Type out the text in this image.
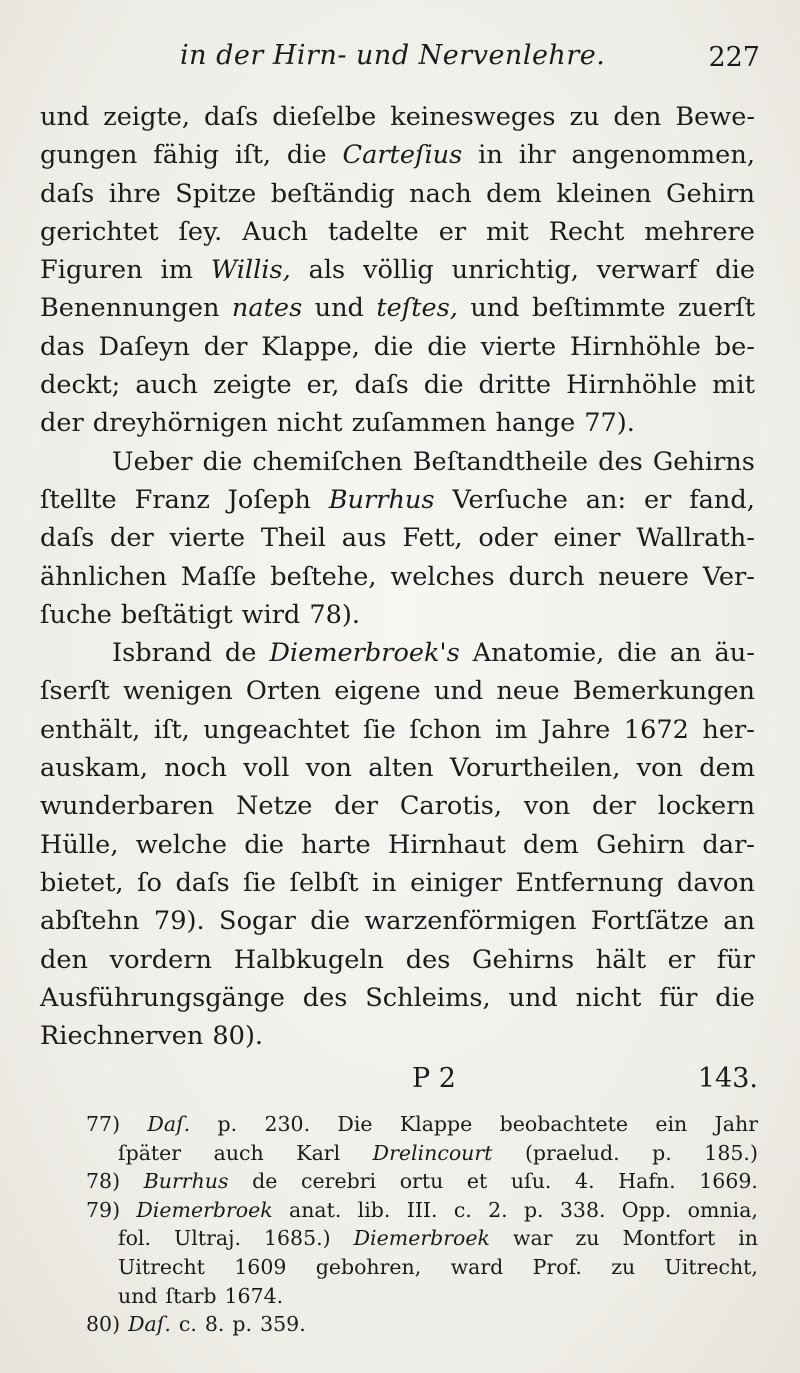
in der Hirn- und Nervenlehre.	227
und zeigte, daſs dieſelbe keinesweges zu den Bewe-
gungen fähig iſt, die Carteſius in ihr angenommen,
daſs ihre Spitze beſtändig nach dem kleinen Gehirn
gerichtet ſey. Auch tadelte er mit Recht mehrere
Figuren im Willis, als völlig unrichtig, verwarf die
Benennungen nates und teſtes, und beſtimmte zuerſt
das Daſeyn der Klappe, die die vierte Hirnhöhle be-
deckt; auch zeigte er, daſs die dritte Hirnhöhle mit
der dreyhörnigen nicht zuſammen hange 77).
Ueber die chemiſchen Beſtandtheile des Gehirns
ſtellte Franz Joſeph Burrhus Verſuche an: er fand,
daſs der vierte Theil aus Fett, oder einer Wallrath-
ähnlichen Maſſe beſtehe, welches durch neuere Ver-
ſuche beſtätigt wird 78).
Isbrand de Diemerbroek's Anatomie, die an äu-
ſserſt wenigen Orten eigene und neue Bemerkungen
enthält, iſt, ungeachtet ſie ſchon im Jahre 1672 her-
auskam, noch voll von alten Vorurtheilen, von dem
wunderbaren Netze der Carotis, von der lockern
Hülle, welche die harte Hirnhaut dem Gehirn dar-
bietet, ſo daſs ſie ſelbſt in einiger Entfernung davon
abſtehn 79). Sogar die warzenförmigen Fortſätze an
den vordern Halbkugeln des Gehirns hält er für
Ausführungsgänge des Schleims, und nicht für die
Riechnerven 80).
P 2	143.
77) Daſ. p. 230. Die Klappe beobachtete ein Jahr
ſpäter auch Karl Drelincourt (praelud. p. 185.)
78) Burrhus de cerebri ortu et uſu. 4. Hafn. 1669.
79) Diemerbroek anat. lib. III. c. 2. p. 338. Opp. omnia,
fol. Ultraj. 1685.) Diemerbroek war zu Montfort in
Uitrecht 1609 gebohren, ward Prof. zu Uitrecht,
und ſtarb 1674.
80) Daſ. c. 8. p. 359.
